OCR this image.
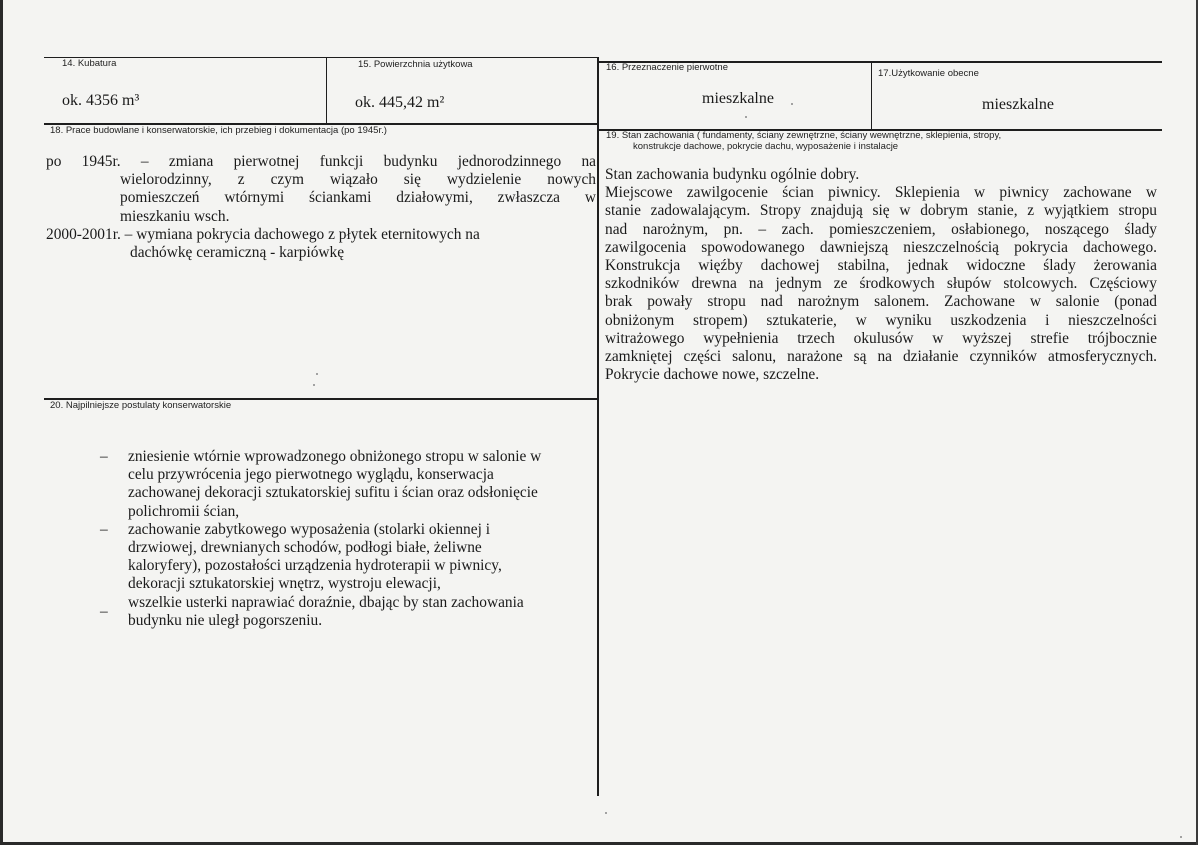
14. Kubatura
ok. 4356 m³
15. Powierzchnia użytkowa
ok. 445,42 m²
16. Przeznaczenie pierwotne
mieszkalne
17.Użytkowanie obecne
mieszkalne
18. Prace budowlane i konserwatorskie, ich przebieg i dokumentacja (po 1945r.)
po 1945r. – zmiana pierwotnej funkcji budynku jednorodzinnego na
wielorodzinny, z czym wiązało się wydzielenie nowych
pomieszczeń wtórnymi ściankami działowymi, zwłaszcza w
mieszkaniu wsch.
2000-2001r. – wymiana pokrycia dachowego z płytek eternitowych na
dachówkę ceramiczną - karpiówkę
19. Stan zachowania ( fundamenty, ściany zewnętrzne, ściany wewnętrzne, sklepienia, stropy,
konstrukcje dachowe, pokrycie dachu, wyposażenie i instalacje
Stan zachowania budynku ogólnie dobry.
Miejscowe zawilgocenie ścian piwnicy. Sklepienia w piwnicy zachowane w
stanie zadowalającym. Stropy znajdują się w dobrym stanie, z wyjątkiem stropu
nad narożnym, pn. – zach. pomieszczeniem, osłabionego, noszącego ślady
zawilgocenia spowodowanego dawniejszą nieszczelnością pokrycia dachowego.
Konstrukcja więźby dachowej stabilna, jednak widoczne ślady żerowania
szkodników drewna na jednym ze środkowych słupów stolcowych. Częściowy
brak powały stropu nad narożnym salonem. Zachowane w salonie (ponad
obniżonym stropem) sztukaterie, w wyniku uszkodzenia i nieszczelności
witrażowego wypełnienia trzech okulusów w wyższej strefie trójbocznie
zamkniętej części salonu, narażone są na działanie czynników atmosferycznych.
Pokrycie dachowe nowe, szczelne.
20. Najpilniejsze postulaty konserwatorskie
– zniesienie wtórnie wprowadzonego obniżonego stropu w salonie w
celu przywrócenia jego pierwotnego wyglądu, konserwacja
zachowanej dekoracji sztukatorskiej sufitu i ścian oraz odsłonięcie
polichromii ścian,
– zachowanie zabytkowego wyposażenia (stolarki okiennej i
drzwiowej, drewnianych schodów, podłogi białe, żeliwne
kaloryfery), pozostałości urządzenia hydroterapii w piwnicy,
dekoracji sztukatorskiej wnętrz, wystroju elewacji,
–
wszelkie usterki naprawiać doraźnie, dbając by stan zachowania
budynku nie uległ pogorszeniu.
